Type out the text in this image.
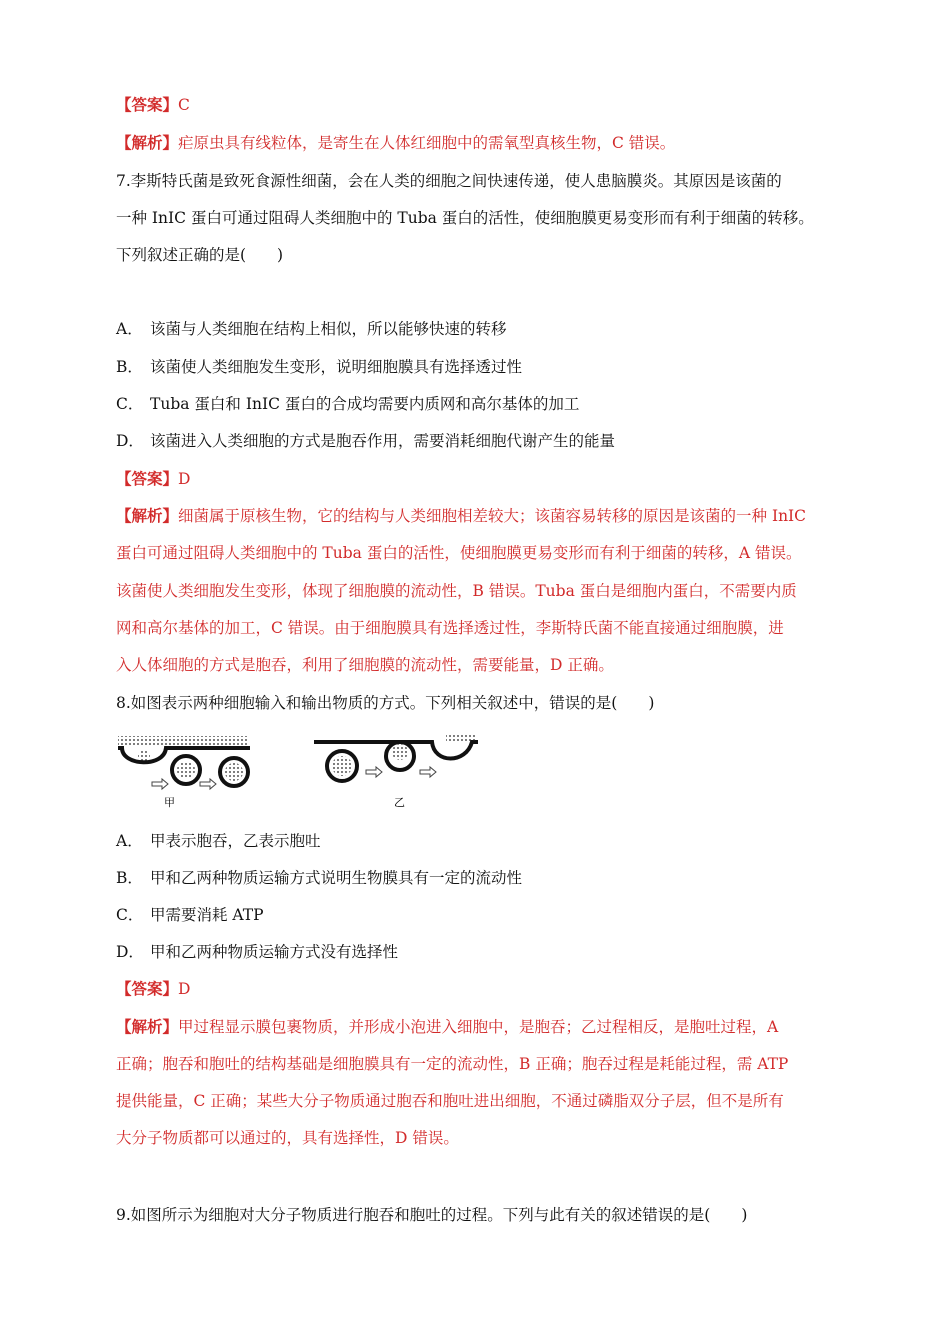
【答案】C
【解析】疟原虫具有线粒体，是寄生在人体红细胞中的需氧型真核生物，C 错误。
7.李斯特氏菌是致死食源性细菌，会在人类的细胞之间快速传递，使人患脑膜炎。其原因是该菌的
一种 InIC 蛋白可通过阻碍人类细胞中的 Tuba 蛋白的活性，使细胞膜更易变形而有利于细菌的转移。
下列叙述正确的是(　　)
A． 该菌与人类细胞在结构上相似，所以能够快速的转移
B． 该菌使人类细胞发生变形，说明细胞膜具有选择透过性
C． Tuba 蛋白和 InIC 蛋白的合成均需要内质网和高尔基体的加工
D． 该菌进入人类细胞的方式是胞吞作用，需要消耗细胞代谢产生的能量
【答案】D
【解析】细菌属于原核生物，它的结构与人类细胞相差较大；该菌容易转移的原因是该菌的一种 InIC
蛋白可通过阻碍人类细胞中的 Tuba 蛋白的活性，使细胞膜更易变形而有利于细菌的转移，A 错误。
该菌使人类细胞发生变形，体现了细胞膜的流动性，B 错误。Tuba 蛋白是细胞内蛋白，不需要内质
网和高尔基体的加工，C 错误。由于细胞膜具有选择透过性，李斯特氏菌不能直接通过细胞膜，进
入人体细胞的方式是胞吞，利用了细胞膜的流动性，需要能量，D 正确。
8.如图表示两种细胞输入和输出物质的方式。下列相关叙述中，错误的是(　　)
甲	乙
A． 甲表示胞吞，乙表示胞吐
B． 甲和乙两种物质运输方式说明生物膜具有一定的流动性
C． 甲需要消耗 ATP
D． 甲和乙两种物质运输方式没有选择性
【答案】D
【解析】甲过程显示膜包裹物质，并形成小泡进入细胞中，是胞吞；乙过程相反，是胞吐过程，A
正确；胞吞和胞吐的结构基础是细胞膜具有一定的流动性，B 正确；胞吞过程是耗能过程，需 ATP
提供能量，C 正确；某些大分子物质通过胞吞和胞吐进出细胞，不通过磷脂双分子层，但不是所有
大分子物质都可以通过的，具有选择性，D 错误。
9.如图所示为细胞对大分子物质进行胞吞和胞吐的过程。下列与此有关的叙述错误的是(　　)
